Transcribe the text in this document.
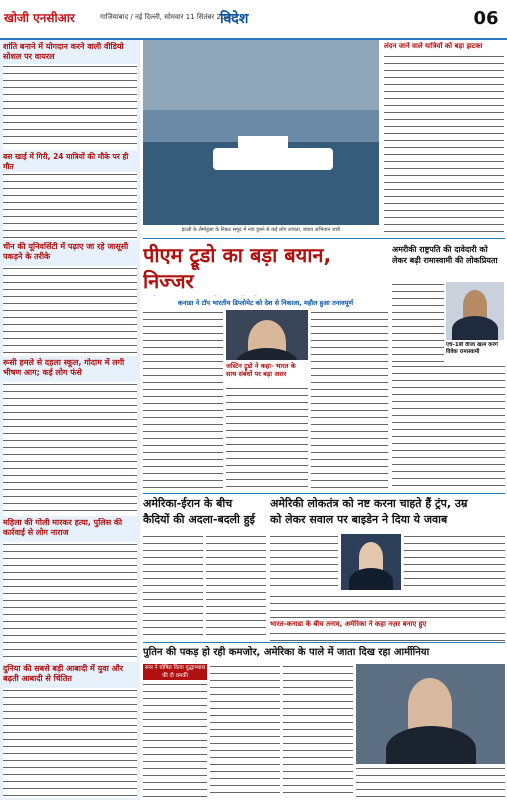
खोजी एनसीआर	गाजियाबाद / नई दिल्ली, सोमवार 11 सितंबर 2023
विदेश	06
शांति बनाने में योगदान करने वाली वीडियो सोशल पर वायरल
बस खाई में गिरी, 24 यात्रियों की मौके पर ही मौत
चीन की यूनिवर्सिटी में पढ़ाए जा रहे जासूसी पकड़ने के तरीके
रूसी हमले से दहला स्कूल, गोदाम में लगी भीषण आग; कई लोग फंसे
महिला की गोली मारकर हत्या, पुलिस की कार्रवाई से लोग नाराज
दुनिया की सबसे बड़ी आबादी में युवा और बढ़ती आबादी से चिंतित
इटली के लैम्पेडुसा के निकट समुद्र में नाव डूबने से कई लोग लापता, बचाव अभियान जारी
लंदन जाने वाले यात्रियों को बड़ा झटका
पीएम ट्रूडो का बड़ा बयान, निज्जर
कनाडा ने टॉप भारतीय डिप्लोमेट को देश से निकाला, महौल हुआ तनावपूर्ण
जस्टिन ट्रूडो ने कहा- भारत के साथ संबंधों पर बड़ा असर
अमरीकी राष्ट्रपति की दावेदारी को लेकर बढ़ी रामास्वामी की लोकप्रियता
एच-1बी वीजा खत्म करेंगे विवेक रामास्वामी
अमेरिका-ईरान के बीच
कैदियों की अदला-बदली हुई
अमेरिकी लोकतंत्र को नष्ट करना चाहते हैं ट्रंप, उम्र
को लेकर सवाल पर बाइडेन ने दिया ये जवाब
भारत-कनाडा के बीच तनाव, अमेरिका ने कहा नज़र बनाए हुए
पुतिन की पकड़ हो रही कमजोर, अमेरिका के पाले में जाता दिख रहा आर्मीनिया
रूस ने घोषित किया युद्धाभ्यास की दी धमकी
